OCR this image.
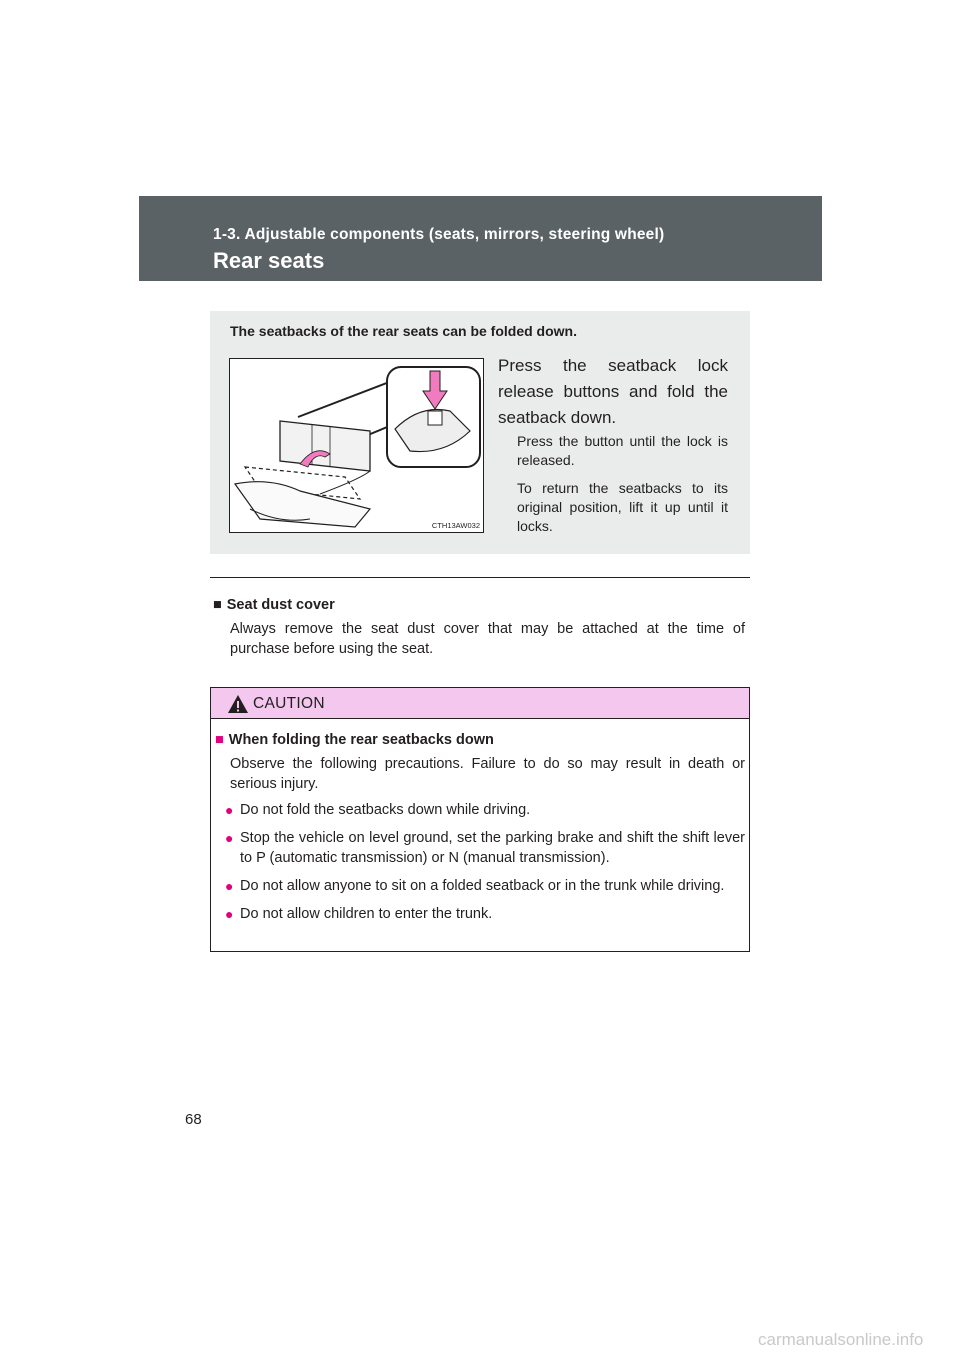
1-3. Adjustable components (seats, mirrors, steering wheel)
Rear seats
The seatbacks of the rear seats can be folded down.
CTH13AW032
Press the seatback lock release buttons and fold the seatback down.

Press the button until the lock is released.

To return the seatbacks to its original position, lift it up until it locks.

■ Seat dust cover
Always remove the seat dust cover that may be attached at the time of purchase before using the seat.
CAUTION
■ When folding the rear seatbacks down
Observe the following precautions. Failure to do so may result in death or serious injury.
● Do not fold the seatbacks down while driving.
● Stop the vehicle on level ground, set the parking brake and shift the shift lever to P (automatic transmission) or N (manual transmission).
● Do not allow anyone to sit on a folded seatback or in the trunk while driving.
● Do not allow children to enter the trunk.
68
carmanualsonline.info
